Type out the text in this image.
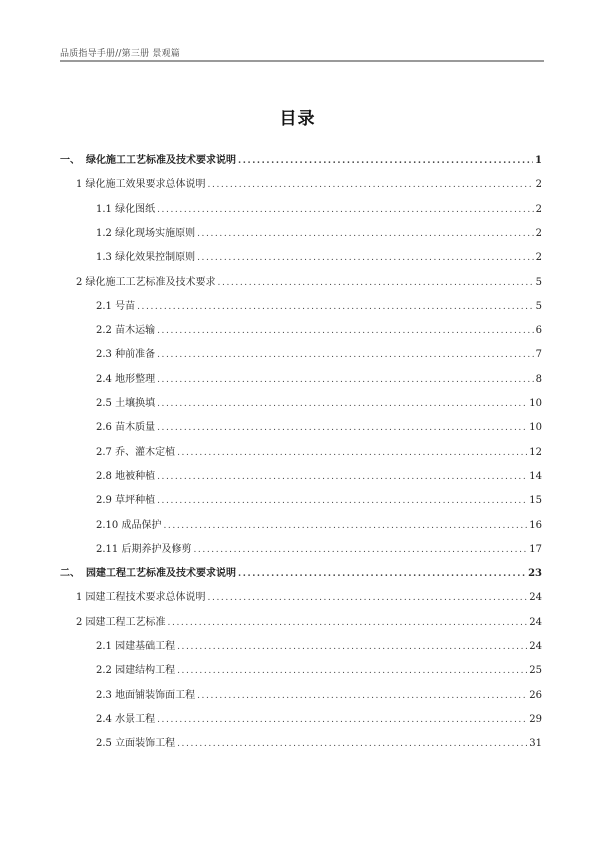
品质指导手册//第三册 景观篇
目录
一、 绿化施工工艺标准及技术要求说明 .....	1
1 绿化施工效果要求总体说明 .....	2
1.1 绿化图纸 .....	2
1.2 绿化现场实施原则 .....	2
1.3 绿化效果控制原则 .....	2
2 绿化施工工艺标准及技术要求 .....	5
2.1 号苗 .....	5
2.2 苗木运输 .....	6
2.3 种前准备 .....	7
2.4 地形整理 .....	8
2.5 土壤换填 .....	10
2.6 苗木质量 .....	10
2.7 乔、灌木定植 .....	12
2.8 地被种植 .....	14
2.9 草坪种植 .....	15
2.10 成品保护 .....	16
2.11 后期养护及修剪 .....	17
二、 园建工程工艺标准及技术要求说明 .....	23
1 园建工程技术要求总体说明 .....	24
2 园建工程工艺标准 .....	24
2.1 园建基础工程 .....	24
2.2 园建结构工程 .....	25
2.3 地面铺装饰面工程 .....	26
2.4 水景工程 .....	29
2.5 立面装饰工程 .....	31
